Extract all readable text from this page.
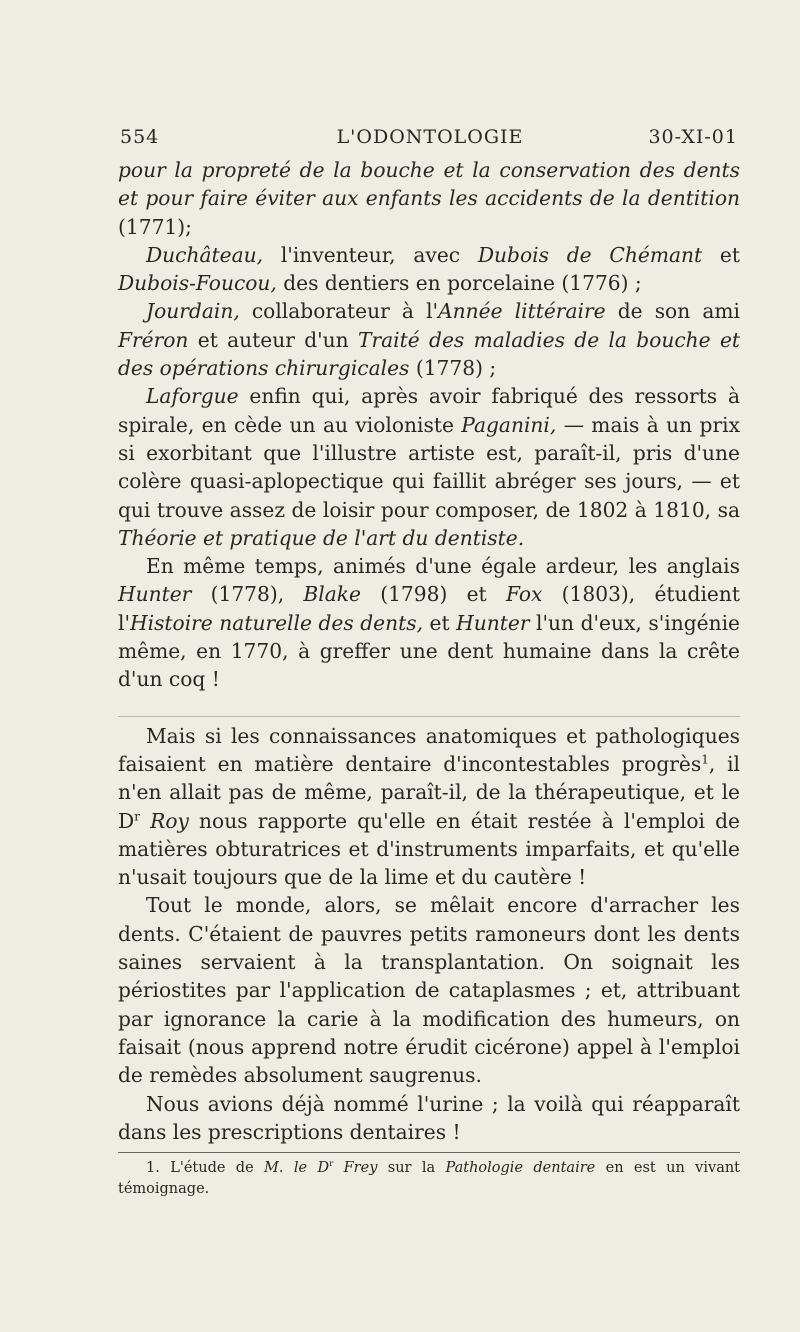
554	L'ODONTOLOGIE	30-XI-01

pour la propreté de la bouche et la conservation des dents et pour faire éviter aux enfants les accidents de la dentition (1771);

Duchâteau, l'inventeur, avec Dubois de Chémant et Dubois-Foucou, des dentiers en porcelaine (1776) ;

Jourdain, collaborateur à l'Année littéraire de son ami Fréron et auteur d'un Traité des maladies de la bouche et des opérations chirurgicales (1778) ;

Laforgue enfin qui, après avoir fabriqué des ressorts à spirale, en cède un au violoniste Paganini, — mais à un prix si exorbitant que l'illustre artiste est, paraît-il, pris d'une colère quasi-aplopectique qui faillit abréger ses jours, — et qui trouve assez de loisir pour composer, de 1802 à 1810, sa Théorie et pratique de l'art du dentiste.

En même temps, animés d'une égale ardeur, les anglais Hunter (1778), Blake (1798) et Fox (1803), étudient l'Histoire naturelle des dents, et Hunter l'un d'eux, s'ingénie même, en 1770, à greffer une dent humaine dans la crête d'un coq !

Mais si les connaissances anatomiques et pathologiques faisaient en matière dentaire d'incontestables progrès$^1$, il n'en allait pas de même, paraît-il, de la thérapeutique, et le $D^r$ Roy nous rapporte qu'elle en était restée à l'emploi de matières obturatrices et d'instruments imparfaits, et qu'elle n'usait toujours que de la lime et du cautère !

Tout le monde, alors, se mêlait encore d'arracher les dents. C'étaient de pauvres petits ramoneurs dont les dents saines servaient à la transplantation. On soignait les périostites par l'application de cataplasmes ; et, attribuant par ignorance la carie à la modification des humeurs, on faisait (nous apprend notre érudit cicérone) appel à l'emploi de remèdes absolument saugrenus.

Nous avions déjà nommé l'urine ; la voilà qui réapparaît dans les prescriptions dentaires !

1. L'étude de M. le $D^r$ Frey sur la Pathologie dentaire en est un vivant témoignage.
